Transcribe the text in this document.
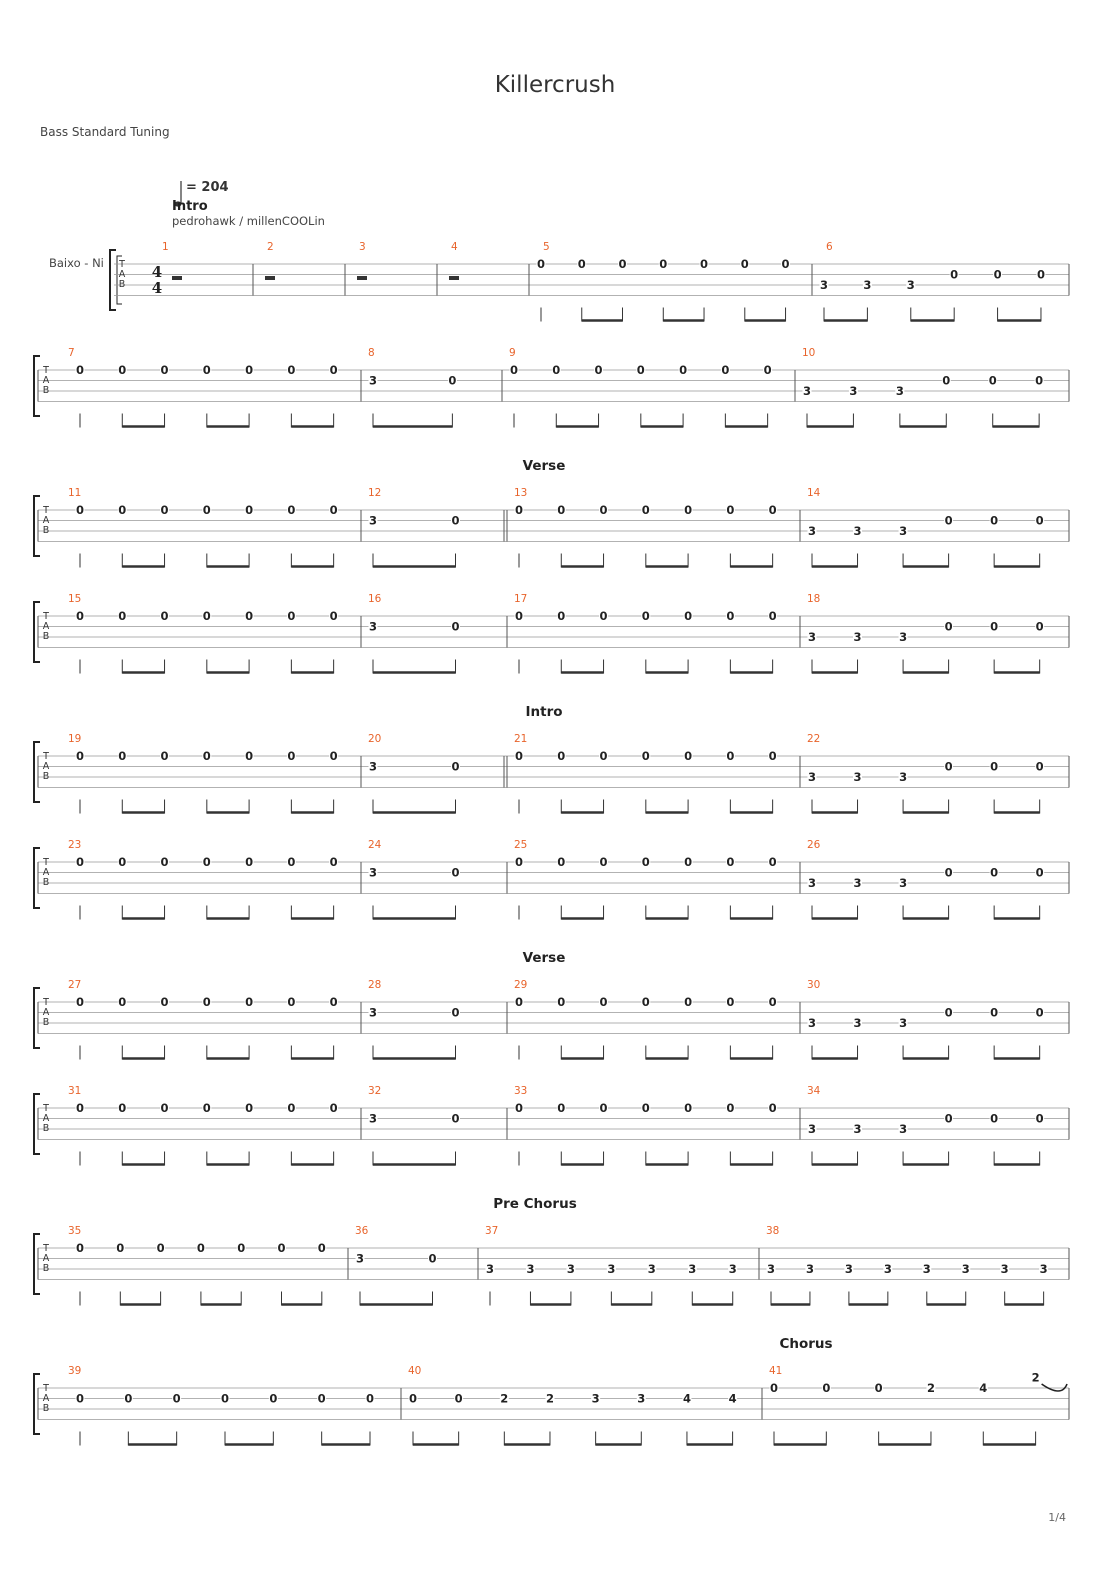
Killercrush
Bass Standard Tuning
= 204
Intro
pedrohawk / millenCOOLin
Baixo - Ni
1/4
T
A
B
4
4
1	2	3	4	5
0	0	0	0	0	0	0
6
3	3	3
0	0	0
T
A
B
7
0	0	0	0	0	0	0
8
3	0
9
0	0	0	0	0	0	0
10
3	3	3
0	0	0
Verse
T
A
B
11
0	0	0	0	0	0	0
12
3	0
13
0	0	0	0	0	0	0
14
3	3	3
0	0	0
T
A
B
15
0	0	0	0	0	0	0
16
3	0
17
0	0	0	0	0	0	0
18
3	3	3
0	0	0
Intro
T
A
B
19
0	0	0	0	0	0	0
20
3	0
21
0	0	0	0	0	0	0
22
3	3	3
0	0	0
T
A
B
23
0	0	0	0	0	0	0
24
3	0
25
0	0	0	0	0	0	0
26
3	3	3
0	0	0
Verse
T
A
B
27
0	0	0	0	0	0	0
28
3	0
29
0	0	0	0	0	0	0
30
3	3	3
0	0	0
T
A
B
31
0	0	0	0	0	0	0
32
3	0
33
0	0	0	0	0	0	0
34
3	3	3
0	0	0
Pre Chorus
T
A
B
35
0	0	0	0	0	0	0
36
3	0
37
3	3	3	3	3	3	3
38
3	3	3	3	3	3	3	3
Chorus
T
A
B
39
0	0	0	0	0	0	0
40
0	0	2	2	3	3	4	4
41
0	0	0	2	4
2
